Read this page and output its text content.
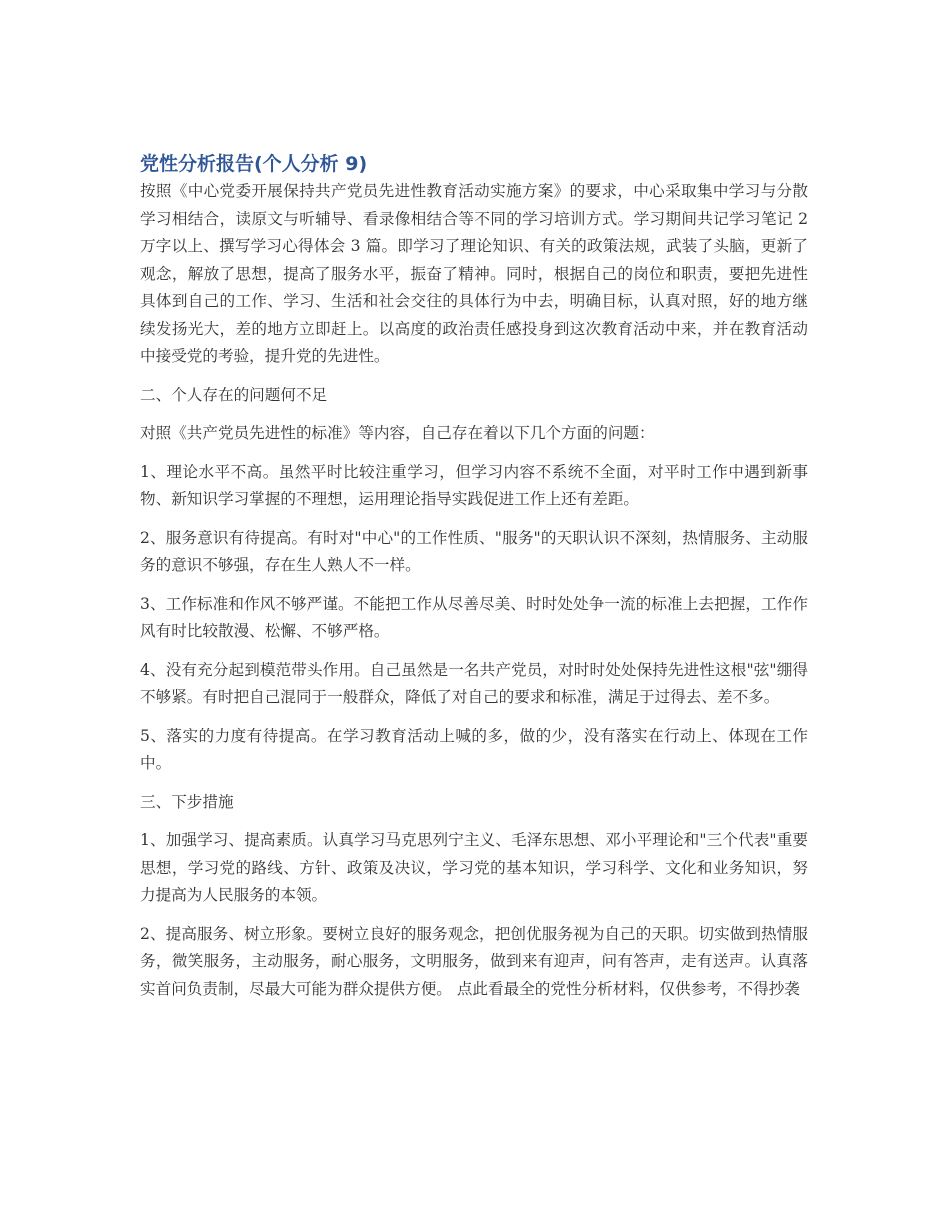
党性分析报告(个人分析 9)

按照《中心党委开展保持共产党员先进性教育活动实施方案》的要求，中心采取集中学习与分散学习相结合，读原文与听辅导、看录像相结合等不同的学习培训方式。学习期间共记学习笔记 2 万字以上、撰写学习心得体会 3 篇。即学习了理论知识、有关的政策法规，武装了头脑，更新了观念，解放了思想，提高了服务水平，振奋了精神。同时，根据自己的岗位和职责，要把先进性具体到自己的工作、学习、生活和社会交往的具体行为中去，明确目标，认真对照，好的地方继续发扬光大，差的地方立即赶上。以高度的政治责任感投身到这次教育活动中来，并在教育活动中接受党的考验，提升党的先进性。

二、个人存在的问题何不足

对照《共产党员先进性的标准》等内容，自己存在着以下几个方面的问题：

1、理论水平不高。虽然平时比较注重学习，但学习内容不系统不全面，对平时工作中遇到新事物、新知识学习掌握的不理想，运用理论指导实践促进工作上还有差距。

2、服务意识有待提高。有时对"中心"的工作性质、"服务"的天职认识不深刻，热情服务、主动服务的意识不够强，存在生人熟人不一样。

3、工作标准和作风不够严谨。不能把工作从尽善尽美、时时处处争一流的标准上去把握，工作作风有时比较散漫、松懈、不够严格。

4、没有充分起到模范带头作用。自己虽然是一名共产党员，对时时处处保持先进性这根"弦"绷得不够紧。有时把自己混同于一般群众，降低了对自己的要求和标准，满足于过得去、差不多。

5、落实的力度有待提高。在学习教育活动上喊的多，做的少，没有落实在行动上、体现在工作中。

三、下步措施

1、加强学习、提高素质。认真学习马克思列宁主义、毛泽东思想、邓小平理论和"三个代表"重要思想，学习党的路线、方针、政策及决议，学习党的基本知识，学习科学、文化和业务知识，努力提高为人民服务的本领。

2、提高服务、树立形象。要树立良好的服务观念，把创优服务视为自己的天职。切实做到热情服务，微笑服务，主动服务，耐心服务，文明服务，做到来有迎声，问有答声，走有送声。认真落实首问负责制，尽最大可能为群众提供方便。 点此看最全的党性分析材料，仅供参考，不得抄袭
